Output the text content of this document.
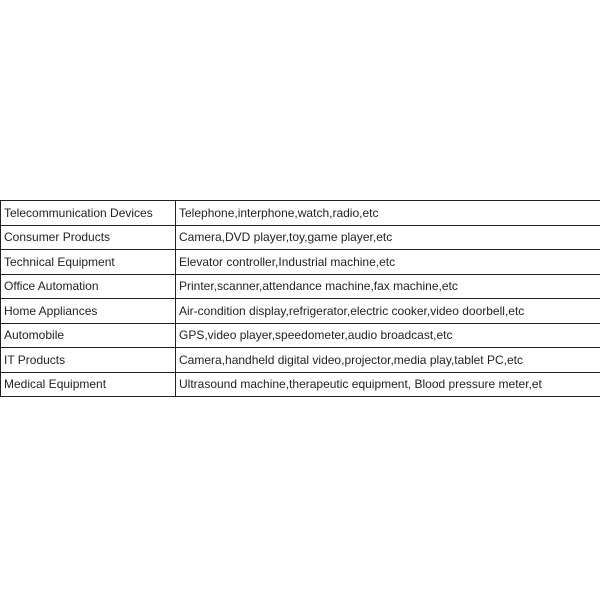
Telecommunication Devices	Telephone,interphone,watch,radio,etc
Consumer Products	Camera,DVD player,toy,game player,etc
Technical Equipment	Elevator controller,Industrial machine,etc
Office Automation	Printer,scanner,attendance machine,fax machine,etc
Home Appliances	Air-condition display,refrigerator,electric cooker,video doorbell,etc
Automobile	GPS,video player,speedometer,audio broadcast,etc
IT Products	Camera,handheld digital video,projector,media play,tablet PC,etc
Medical Equipment	Ultrasound machine,therapeutic equipment, Blood pressure meter,et
